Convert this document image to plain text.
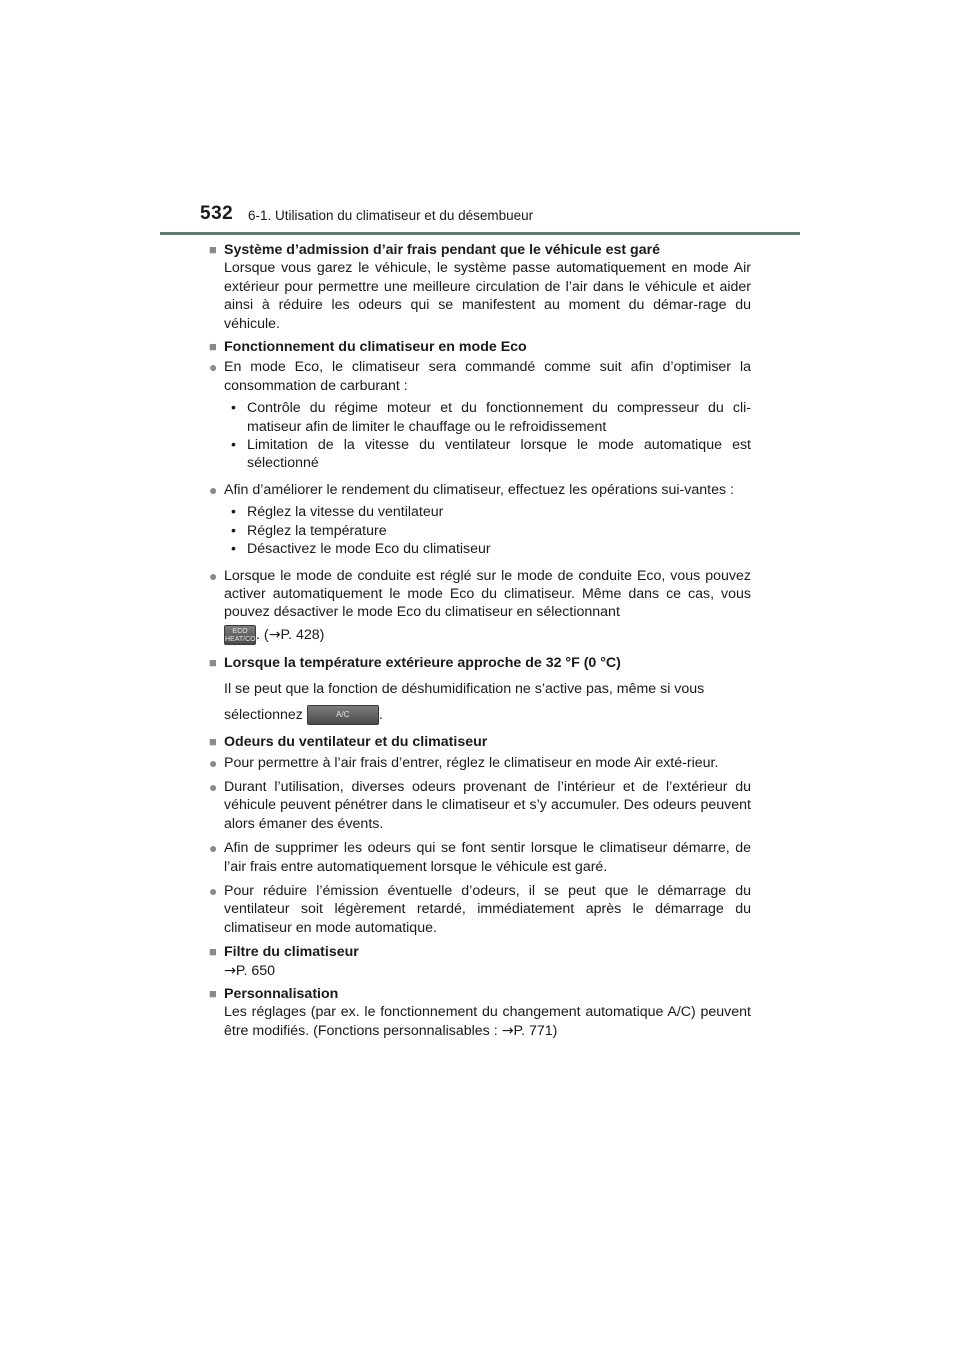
532 6-1. Utilisation du climatiseur et du désembueur
■ Système d’admission d’air frais pendant que le véhicule est garé
Lorsque vous garez le véhicule, le système passe automatiquement en mode Air extérieur pour permettre une meilleure circulation de l’air dans le véhicule et aider ainsi à réduire les odeurs qui se manifestent au moment du démar-rage du véhicule.
■ Fonctionnement du climatiseur en mode Eco
● En mode Eco, le climatiseur sera commandé comme suit afin d’optimiser la consommation de carburant :
• Contrôle du régime moteur et du fonctionnement du compresseur du cli-matiseur afin de limiter le chauffage ou le refroidissement
• Limitation de la vitesse du ventilateur lorsque le mode automatique est sélectionné
● Afin d’améliorer le rendement du climatiseur, effectuez les opérations sui-vantes :
• Réglez la vitesse du ventilateur
• Réglez la température
• Désactivez le mode Eco du climatiseur
● Lorsque le mode de conduite est réglé sur le mode de conduite Eco, vous pouvez activer automatiquement le mode Eco du climatiseur. Même dans ce cas, vous pouvez désactiver le mode Eco du climatiseur en sélectionnant
ECO
HEAT/COOL. (→P. 428)
■ Lorsque la température extérieure approche de 32 °F (0 °C)
Il se peut que la fonction de déshumidification ne s’active pas, même si vous
sélectionnez	A/C .
■ Odeurs du ventilateur et du climatiseur
● Pour permettre à l’air frais d’entrer, réglez le climatiseur en mode Air exté-rieur.
● Durant l’utilisation, diverses odeurs provenant de l’intérieur et de l’extérieur du véhicule peuvent pénétrer dans le climatiseur et s’y accumuler. Des odeurs peuvent alors émaner des évents.
● Afin de supprimer les odeurs qui se font sentir lorsque le climatiseur démarre, de l’air frais entre automatiquement lorsque le véhicule est garé.
● Pour réduire l’émission éventuelle d’odeurs, il se peut que le démarrage du ventilateur soit légèrement retardé, immédiatement après le démarrage du climatiseur en mode automatique.
■ Filtre du climatiseur
→P. 650
■ Personnalisation
Les réglages (par ex. le fonctionnement du changement automatique A/C) peuvent être modifiés. (Fonctions personnalisables : →P. 771)
